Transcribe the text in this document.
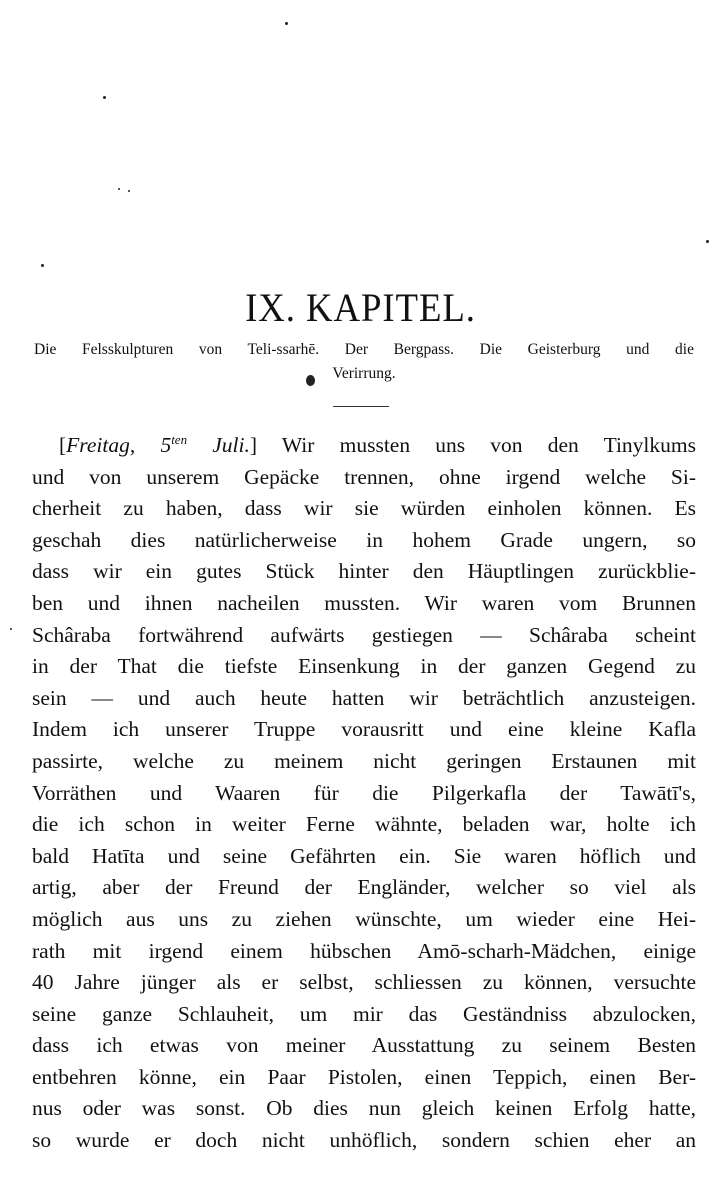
IX. KAPITEL.
Die Felsskulpturen von Teli-ssarhē. Der Bergpass. Die Geisterburg und die
Verirrung.
[Freitag, $5^{ten}$ Juli.] Wir mussten uns von den Tinylkums
und von unserem Gepäcke trennen, ohne irgend welche Si-
cherheit zu haben, dass wir sie würden einholen können. Es
geschah dies natürlicherweise in hohem Grade ungern, so
dass wir ein gutes Stück hinter den Häuptlingen zurückblie-
ben und ihnen nacheilen mussten. Wir waren vom Brunnen
Schâraba fortwährend aufwärts gestiegen — Schâraba scheint
in der That die tiefste Einsenkung in der ganzen Gegend zu
sein — und auch heute hatten wir beträchtlich anzusteigen.
Indem ich unserer Truppe vorausritt und eine kleine Kafla
passirte, welche zu meinem nicht geringen Erstaunen mit
Vorräthen und Waaren für die Pilgerkafla der Tawātī's,
die ich schon in weiter Ferne wähnte, beladen war, holte ich
bald Hatīta und seine Gefährten ein. Sie waren höflich und
artig, aber der Freund der Engländer, welcher so viel als
möglich aus uns zu ziehen wünschte, um wieder eine Hei-
rath mit irgend einem hübschen Amō-scharh-Mädchen, einige
40 Jahre jünger als er selbst, schliessen zu können, versuchte
seine ganze Schlauheit, um mir das Geständniss abzulocken,
dass ich etwas von meiner Ausstattung zu seinem Besten
entbehren könne, ein Paar Pistolen, einen Teppich, einen Ber-
nus oder was sonst. Ob dies nun gleich keinen Erfolg hatte,
so wurde er doch nicht unhöflich, sondern schien eher an
